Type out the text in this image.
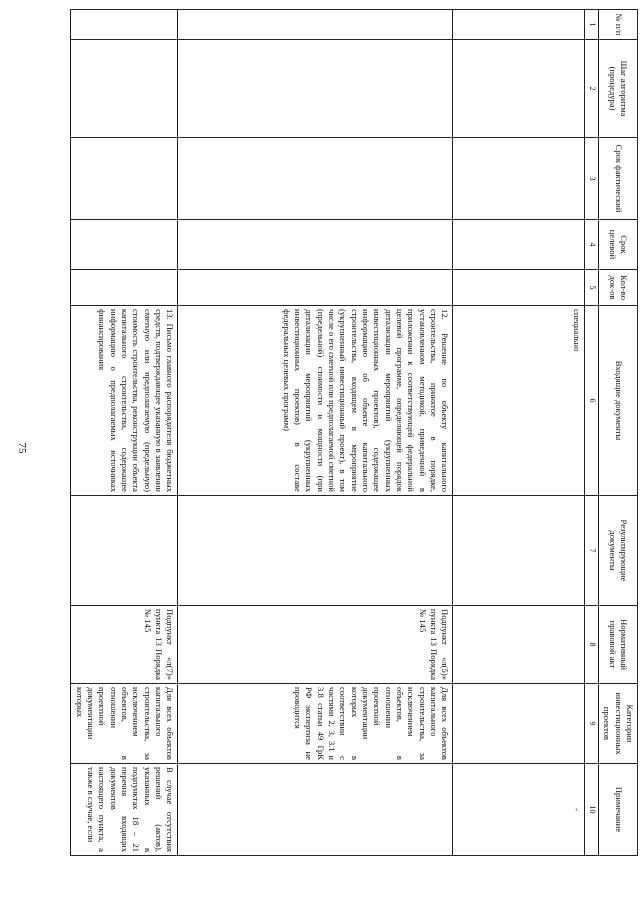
75
№ п/п	Шаг алгоритма (процедура)	Срок фактический	Срок целевой	Кол-во док-ов	Входящие документы	Результирующие документы	Нормативный правовой акт	Категории инвестиционных проектов	Примечание
1	2	3	4	5	6	7	8	9	10
					специально				-
					12. Решение по объекту капитального строительства, принятое в порядке, установленном методикой, приведенной в приложении к соответствующей федеральной целевой программе, определяющей порядок детализации мероприятий (укрупненных инвестиционных проектов), содержащее информацию об объекте капитального строительства, входящем в мероприятие (укрупненный инвестиционный проект), в том числе о его сметной или предполагаемой сметной (предельной) стоимости и мощности (при детализации мероприятий (укрупненных инвестиционных проектов) в составе федеральных целевых программ)		Подпункт «л(5)» пункта 13 Порядка № 145	Для всех объектов капитального строительства, за исключением объектов, в отношении проектной документации которых в соответствии с частями 2, 3, 3.1 и 3.8 статьи 49 ГрК РФ экспертиза не проводится	
					13. Письмо главного распорядителя бюджетных средств, подтверждающее указанную в заявлении сметную или предполагаемую (предельную) стоимость строительства, реконструкции объекта капитального строительства, содержащее информацию о предполагаемых источниках финансирования		Подпункт «л(7)» пункта 13 Порядка № 145	Для всех объектов капитального строительства, за исключением объектов, в отношении проектной документации которых	В случае отсутствия решений (актов), указанных в подпунктах 18 – 21 перечня входящих документов настоящего пункта, а также в случае, если
